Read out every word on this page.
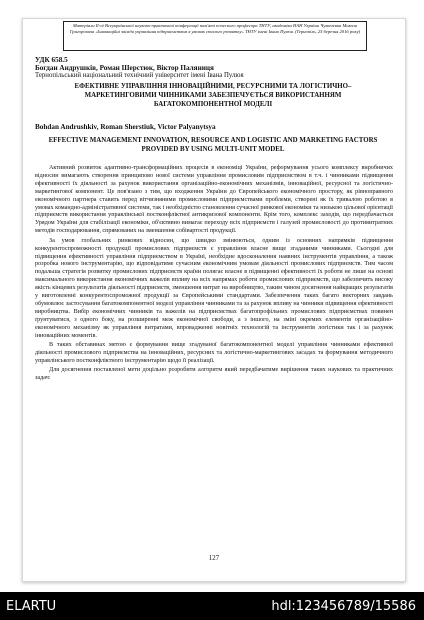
Матеріали ІІ-ої Всеукраїнської науково-практичної конференції пам'яті почесного професора ТНТУ, академіка НАН України Чумаченка Миколи Григоровича «Інноваційні засади управління підприємством в умовах сталого розвитку» ТНТУ імені Івана Пулюя. (Тернопіль, 25 березня 2016 року)
УДК 658.5
Богдан Андрушків, Роман Шерстюк, Віктор Паляниця
Тернопільський національний технічний університет імені Івана Пулюя
ЕФЕКТИВНЕ УПРАВЛІННЯ ІННОВАЦІЙНИМИ, РЕСУРСНИМИ ТА ЛОГІСТИЧНО–МАРКЕТИНГОВИМИ ЧИННИКАМИ ЗАБЕЗПЕЧУЄТЬСЯ ВИКОРИСТАННЯМ БАГАТОКОМПОНЕНТНОЇ МОДЕЛІ
Bohdan Andrushkiv, Roman Sherstiuk, Victor Palyanytsya
EFFECTIVE MANAGEMENT INNOVATION, RESOURCE AND LOGISTIC AND MARKETING FACTORS PROVIDED BY USING MULTI-UNIT MODEL

Активний розвиток адаптивно-трансформаційних процесів в економіці України, реформування усього комплексу виробничих відносин вимагають створення принципово нової системи управління промисловим підприємством в т.ч. і чинниками підвищення ефективності їх діяльності за рахунок використання організаційно-економічних механізмів, інноваційної, ресурсної та логістично-маркетингової компонент. Це пов'язано з тим, що входження України до Європейського економічного простору, як рівноправного економічного партнера ставить перед вітчизняними промисловими підприємствами проблеми, створені як їх тривалою роботою в умовах командно-адміністративної системи, так і необхідністю становлення сучасної ринкової економіки та низькою цільової орієнтації підприємств використання управлінської постконфліктної антикризової компоненти. Крім того, комплекс заходів, що передбачається Урядом України для стабілізації економіки, об'єктивно вимагає переходу всіх підприємств і галузей промисловості до противитратних методів господарювання, спрямованих на зменшення собівартості продукції.

За умов глобальних ринкових відносин, що швидко змінюються, одним із основних напрямків підвищення конкурентоспроможності продукції промислових підприємств є управління власне вище згаданими чинниками. Сьогодні для підвищення ефективності управління підприємством в Україні, необхідне вдосконалення наявних інструментів управління, а також розробка нового інструментарію, що відповідатиме сучасним економічним умовам діяльності промислових підприємств. Тим часом подальша стратегія розвитку промислових підприємств країни полягає власне в підвищенні ефективності їх роботи не лише на основі максимального використання економічних важелів впливу на всіх напрямах роботи промислових підприємств, що забезпечить високу якість кінцевих результатів діяльності підприємств, зменшення витрат на виробництво, таким чином досягнення найкращих результатів у виготовленні конкурентоспроможної продукції за Європейськими стандартами. Забезпечення таких багато векторних завдань обумовлює застосування багатокомпонентної моделі управління чинниками та за рахунок впливу на чинники підвищення ефективності виробництва. Вибір економічних чинників та важелів на підприємствах багатопрофільних промислових підприємствах повинен ґрунтуватися, з одного боку, на розширенні меж економічної свободи, а з іншого, на зміні окремих елементів організаційно-економічного механізму як управління витратами, впровадженні новітніх технологій та інструментів логістики так і за рахунок інноваційних моментів.

В таких обставинах метою є формування вище згадуваної багатокомпонентної моделі управління чинниками ефективної діяльності промислового підприємства на інноваційних, ресурсних та логістично-маркетингових засадах та формування методичного управлінського постконфліктного інструментарію щодо її реалізації.

Для досягнення поставленої мети доцільно розробити алгоритм який передбачатиме вирішення таких наукових та практичних задач:

127
ELARTU	hdl:123456789/15586
